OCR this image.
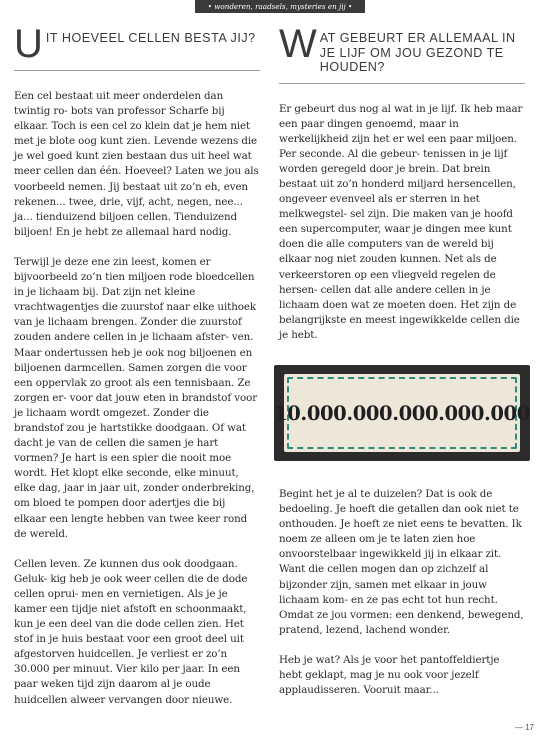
• wonderen, raadsels, mysteries en jij •
U IT HOEVEEL CELLEN BESTA JIJ?

Een cel bestaat uit meer onderdelen dan twintig ro- bots van professor Scharfe bij elkaar. Toch is een cel zo klein dat je hem niet met je blote oog kunt zien. Levende wezens die je wel goed kunt zien bestaan dus uit heel wat meer cellen dan één. Hoeveel? Laten we jou als voorbeeld nemen. Jij bestaat uit zo’n eh, even rekenen... twee, drie, vijf, acht, negen, nee... ja... tienduizend biljoen cellen. Tienduizend biljoen! En je hebt ze allemaal hard nodig.

Terwijl je deze ene zin leest, komen er bijvoorbeeld zo’n tien miljoen rode bloedcellen in je lichaam bij. Dat zijn net kleine vrachtwagentjes die zuurstof naar elke uithoek van je lichaam brengen. Zonder die zuurstof zouden andere cellen in je lichaam afster- ven. Maar ondertussen heb je ook nog biljoenen en biljoenen darmcellen. Samen zorgen die voor een oppervlak zo groot als een tennisbaan. Ze zorgen er- voor dat jouw eten in brandstof voor je lichaam wordt omgezet. Zonder die brandstof zou je hartstikke doodgaan. Of wat dacht je van de cellen die samen je hart vormen? Je hart is een spier die nooit moe wordt. Het klopt elke seconde, elke minuut, elke dag, jaar in jaar uit, zonder onderbreking, om bloed te pompen door adertjes die bij elkaar een lengte hebben van twee keer rond de wereld.

Cellen leven. Ze kunnen dus ook doodgaan. Geluk- kig heb je ook weer cellen die de dode cellen oprui- men en vernietigen. Als je je kamer een tijdje niet afstoft en schoonmaakt, kun je een deel van die dode cellen zien. Het stof in je huis bestaat voor een groot deel uit afgestorven huidcellen. Je verliest er zo’n 30.000 per minuut. Vier kilo per jaar. In een paar weken tijd zijn daarom al je oude huidcellen alweer vervangen door nieuwe.

W AT GEBEURT ER ALLEMAAL IN JE LIJF OM JOU GEZOND TE HOUDEN?

Er gebeurt dus nog al wat in je lijf. Ik heb maar een paar dingen genoemd, maar in werkelijkheid zijn het er wel een paar miljoen. Per seconde. Al die gebeur- tenissen in je lijf worden geregeld door je brein. Dat brein bestaat uit zo’n honderd miljard hersencellen, ongeveer evenveel als er sterren in het melkwegstel- sel zijn. Die maken van je hoofd een supercomputer, waar je dingen mee kunt doen die alle computers van de wereld bij elkaar nog niet zouden kunnen. Net als de verkeerstoren op een vliegveld regelen de hersen- cellen dat alle andere cellen in je lichaam doen wat ze moeten doen. Het zijn de belangrijkste en meest ingewikkelde cellen die je hebt.

10.000.000.000.000.000

Begint het je al te duizelen? Dat is ook de bedoeling. Je hoeft die getallen dan ook niet te onthouden. Je hoeft ze niet eens te bevatten. Ik noem ze alleen om je te laten zien hoe onvoorstelbaar ingewikkeld jij in elkaar zit. Want die cellen mogen dan op zichzelf al bijzonder zijn, samen met elkaar in jouw lichaam kom- en ze pas echt tot hun recht. Omdat ze jou vormen: een denkend, bewegend, pratend, lezend, lachend wonder.

Heb je wat? Als je voor het pantoffeldiertje hebt geklapt, mag je nu ook voor jezelf applaudisseren. Vooruit maar...

— 17
